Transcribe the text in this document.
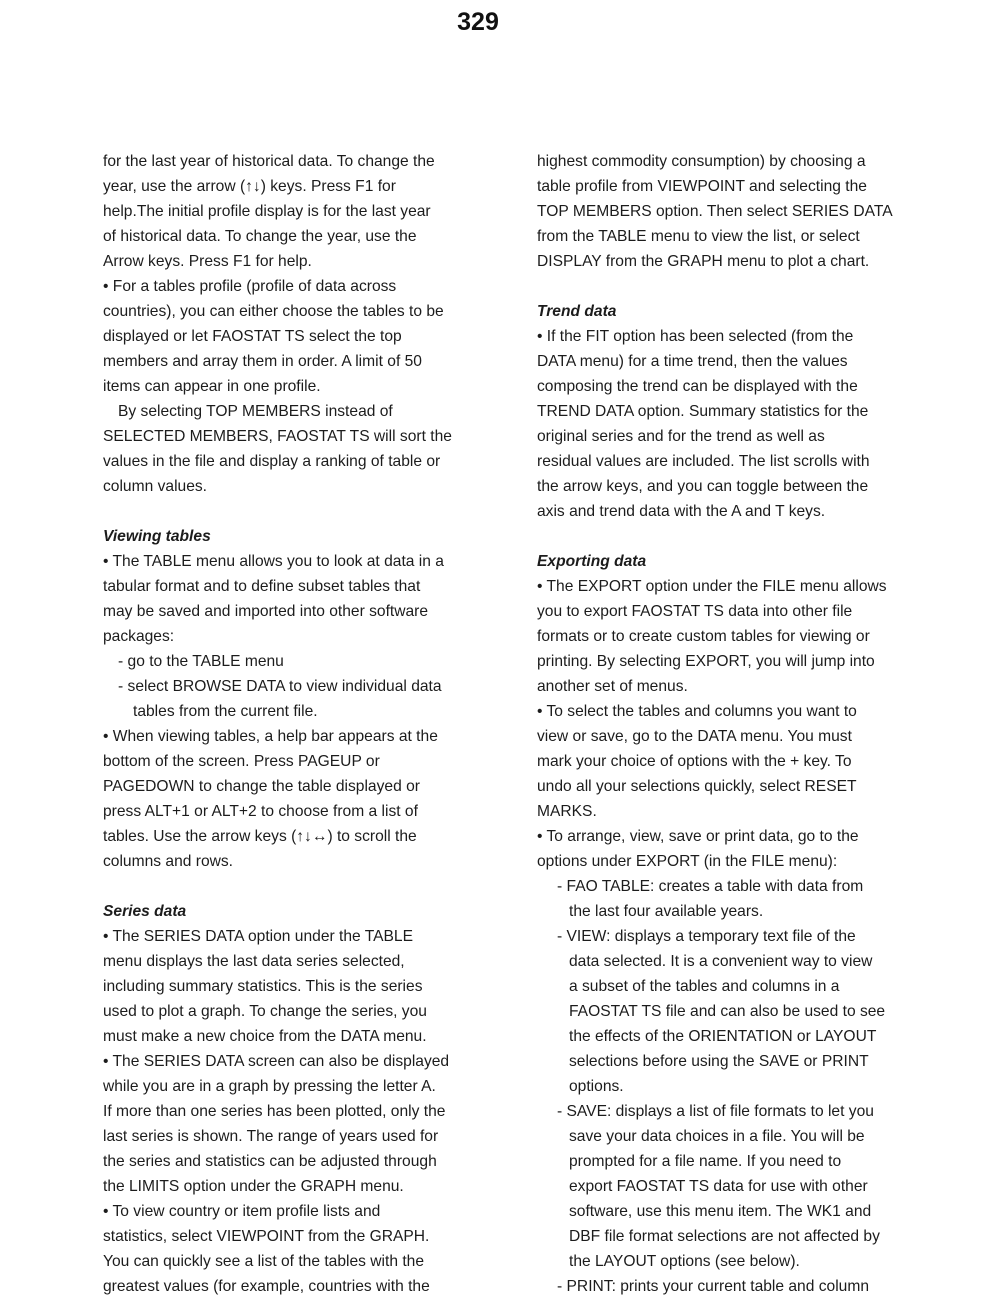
329
for the last year of historical data. To change the
year, use the arrow (↑↓) keys. Press F1 for
help.The initial profile display is for the last year
of historical data. To change the year, use the
Arrow keys. Press F1 for help.
• For a tables profile (profile of data across
countries), you can either choose the tables to be
displayed or let FAOSTAT TS select the top
members and array them in order. A limit of 50
items can appear in one profile.
By selecting TOP MEMBERS instead of
SELECTED MEMBERS, FAOSTAT TS will sort the
values in the file and display a ranking of table or
column values.
Viewing tables
• The TABLE menu allows you to look at data in a
tabular format and to define subset tables that
may be saved and imported into other software
packages:
- go to the TABLE menu
- select BROWSE DATA to view individual data
tables from the current file.
• When viewing tables, a help bar appears at the
bottom of the screen. Press PAGEUP or
PAGEDOWN to change the table displayed or
press ALT+1 or ALT+2 to choose from a list of
tables. Use the arrow keys (↑↓↔) to scroll the
columns and rows.
Series data
• The SERIES DATA option under the TABLE
menu displays the last data series selected,
including summary statistics. This is the series
used to plot a graph. To change the series, you
must make a new choice from the DATA menu.
• The SERIES DATA screen can also be displayed
while you are in a graph by pressing the letter A.
If more than one series has been plotted, only the
last series is shown. The range of years used for
the series and statistics can be adjusted through
the LIMITS option under the GRAPH menu.
• To view country or item profile lists and
statistics, select VIEWPOINT from the GRAPH.
You can quickly see a list of the tables with the
greatest values (for example, countries with the
highest commodity consumption) by choosing a
table profile from VIEWPOINT and selecting the
TOP MEMBERS option. Then select SERIES DATA
from the TABLE menu to view the list, or select
DISPLAY from the GRAPH menu to plot a chart.
Trend data
• If the FIT option has been selected (from the
DATA menu) for a time trend, then the values
composing the trend can be displayed with the
TREND DATA option. Summary statistics for the
original series and for the trend as well as
residual values are included. The list scrolls with
the arrow keys, and you can toggle between the
axis and trend data with the A and T keys.
Exporting data
• The EXPORT option under the FILE menu allows
you to export FAOSTAT TS data into other file
formats or to create custom tables for viewing or
printing. By selecting EXPORT, you will jump into
another set of menus.
• To select the tables and columns you want to
view or save, go to the DATA menu. You must
mark your choice of options with the + key. To
undo all your selections quickly, select RESET
MARKS.
• To arrange, view, save or print data, go to the
options under EXPORT (in the FILE menu):
- FAO TABLE: creates a table with data from
the last four available years.
- VIEW: displays a temporary text file of the
data selected. It is a convenient way to view
a subset of the tables and columns in a
FAOSTAT TS file and can also be used to see
the effects of the ORIENTATION or LAYOUT
selections before using the SAVE or PRINT
options.
- SAVE: displays a list of file formats to let you
save your data choices in a file. You will be
prompted for a file name. If you need to
export FAOSTAT TS data for use with other
software, use this menu item. The WK1 and
DBF file format selections are not affected by
the LAYOUT options (see below).
- PRINT: prints your current table and column
